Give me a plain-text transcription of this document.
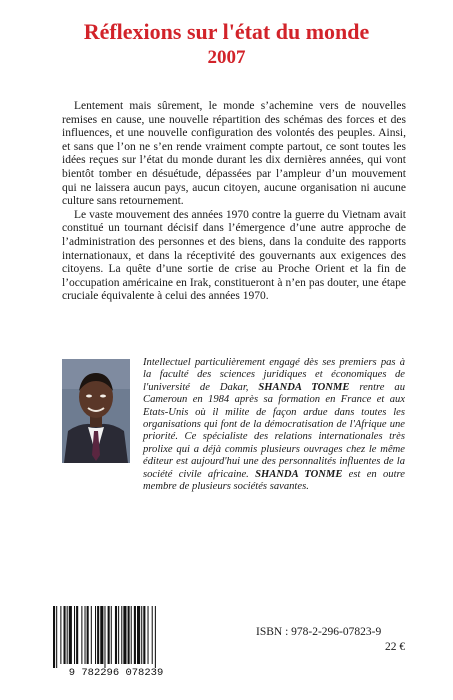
Réflexions sur l'état du monde
2007

Lentement mais sûrement, le monde s’achemine vers de nouvelles remises en cause, une nouvelle répartition des schémas des forces et des influences, et une nouvelle configuration des volontés des peuples. Ainsi, et sans que l’on ne s’en rende vraiment compte partout, ce sont toutes les idées reçues sur l’état du monde durant les dix dernières années, qui vont bientôt tomber en désuétude, dépassées par l’ampleur d’un mouvement qui ne laissera aucun pays, aucun citoyen, aucune organisation ni aucune culture sans retournement.

Le vaste mouvement des années 1970 contre la guerre du Vietnam avait constitué un tournant décisif dans l’émergence d’une autre approche de l’administration des personnes et des biens, dans la conduite des rapports internationaux, et dans la réceptivité des gouvernants aux exigences des citoyens. La quête d’une sortie de crise au Proche Orient et la fin de l’occupation américaine en Irak, constitueront à n’en pas douter, une étape cruciale équivalente à celui des années 1970.

Intellectuel particulièrement engagé dès ses premiers pas à la faculté des sciences juridiques et économiques de l'université de Dakar, SHANDA TONME rentre au Cameroun en 1984 après sa formation en France et aux Etats-Unis où il milite de façon ardue dans toutes les organisations qui font de la démocratisation de l'Afrique une priorité. Ce spécialiste des relations internationales très prolixe qui a déjà commis plusieurs ouvrages chez le même éditeur est aujourd'hui une des personnalités influentes de la société civile africaine. SHANDA TONME est en outre membre de plusieurs sociétés savantes.

9 782296 078239
ISBN : 978-2-296-07823-9
22 €
